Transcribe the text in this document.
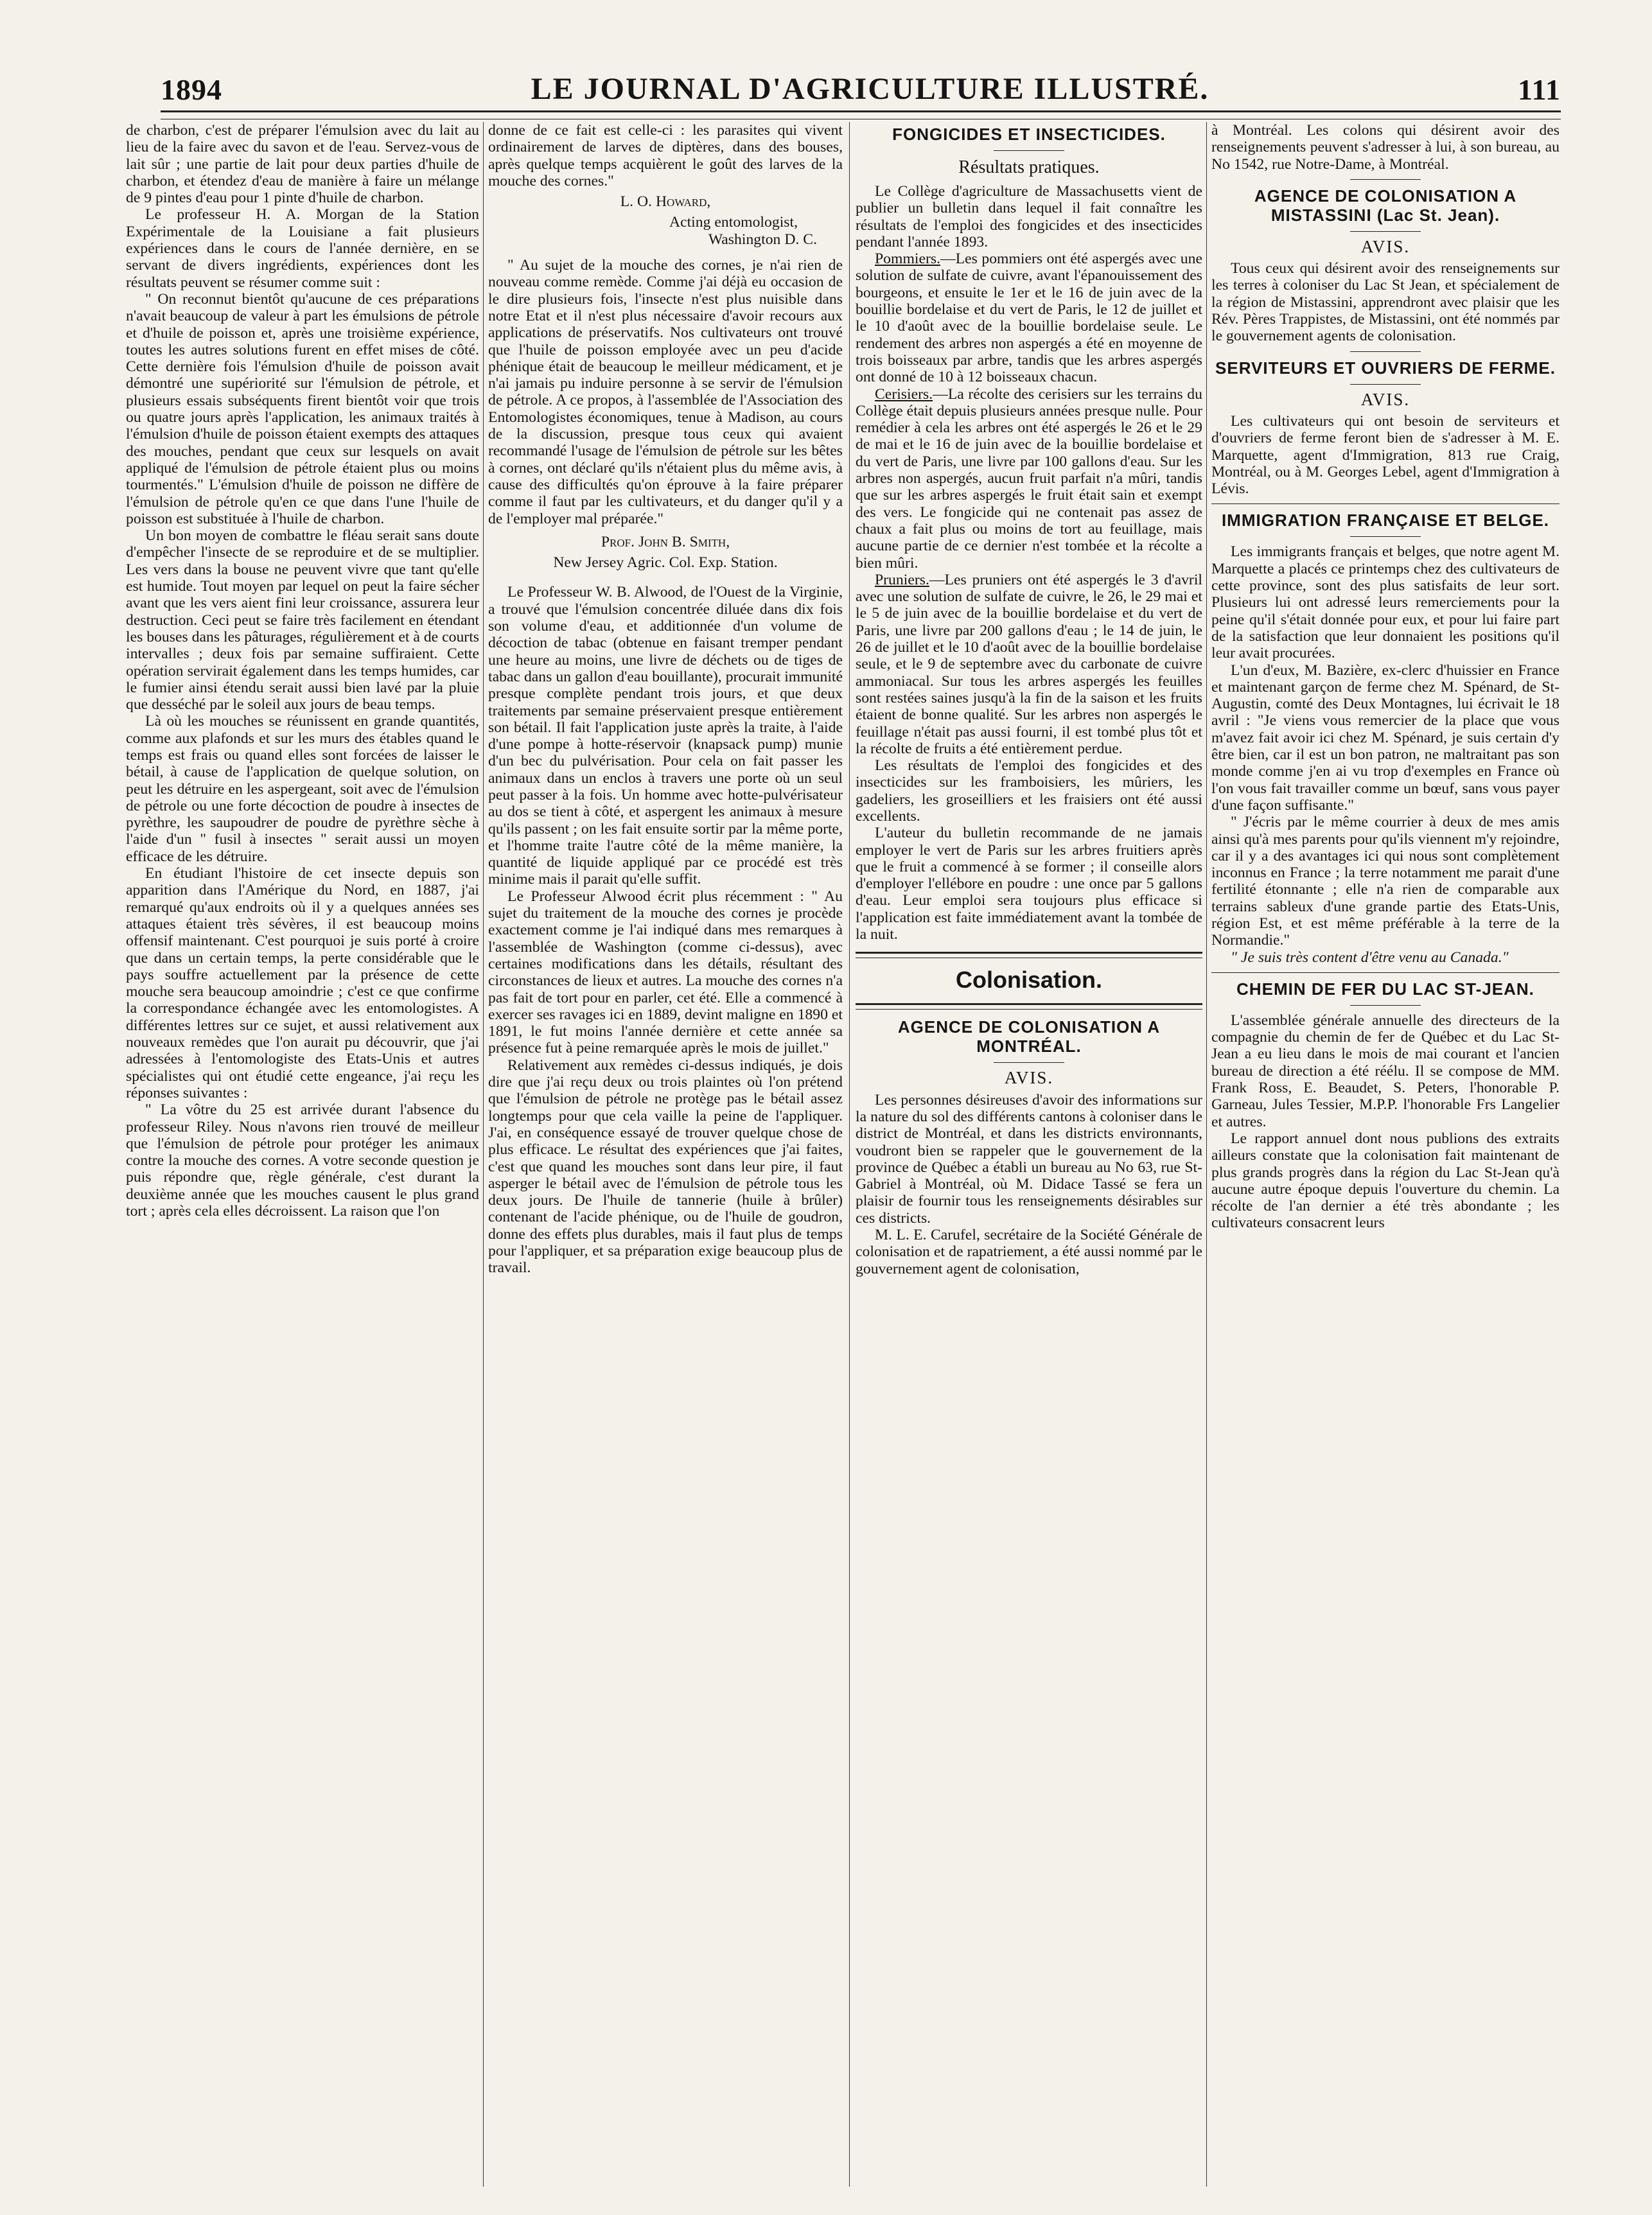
1894	LE JOURNAL D'AGRICULTURE ILLUSTRÉ.	111

de charbon, c'est de préparer l'émulsion avec du lait au lieu de la faire avec du savon et de l'eau. Servez-vous de lait sûr ; une partie de lait pour deux parties d'huile de charbon, et étendez d'eau de manière à faire un mélange de 9 pintes d'eau pour 1 pinte d'huile de charbon.

Le professeur H. A. Morgan de la Station Expérimentale de la Louisiane a fait plusieurs expériences dans le cours de l'année dernière, en se servant de divers ingrédients, expériences dont les résultats peuvent se résumer comme suit :

" On reconnut bientôt qu'aucune de ces préparations n'avait beaucoup de valeur à part les émulsions de pétrole et d'huile de poisson et, après une troisième expérience, toutes les autres solutions furent en effet mises de côté. Cette dernière fois l'émulsion d'huile de poisson avait démontré une supériorité sur l'émulsion de pétrole, et plusieurs essais subséquents firent bientôt voir que trois ou quatre jours après l'application, les animaux traités à l'émulsion d'huile de poisson étaient exempts des attaques des mouches, pendant que ceux sur lesquels on avait appliqué de l'émulsion de pétrole étaient plus ou moins tourmentés." L'émulsion d'huile de poisson ne diffère de l'émulsion de pétrole qu'en ce que dans l'une l'huile de poisson est substituée à l'huile de charbon.

Un bon moyen de combattre le fléau serait sans doute d'empêcher l'insecte de se reproduire et de se multiplier. Les vers dans la bouse ne peuvent vivre que tant qu'elle est humide. Tout moyen par lequel on peut la faire sécher avant que les vers aient fini leur croissance, assurera leur destruction. Ceci peut se faire très facilement en étendant les bouses dans les pâturages, régulièrement et à de courts intervalles ; deux fois par semaine suffiraient. Cette opération servirait également dans les temps humides, car le fumier ainsi étendu serait aussi bien lavé par la pluie que desséché par le soleil aux jours de beau temps.

Là où les mouches se réunissent en grande quantités, comme aux plafonds et sur les murs des étables quand le temps est frais ou quand elles sont forcées de laisser le bétail, à cause de l'application de quelque solution, on peut les détruire en les aspergeant, soit avec de l'émulsion de pétrole ou une forte décoction de poudre à insectes de pyrèthre, les saupoudrer de poudre de pyrèthre sèche à l'aide d'un " fusil à insectes " serait aussi un moyen efficace de les détruire.

En étudiant l'histoire de cet insecte depuis son apparition dans l'Amérique du Nord, en 1887, j'ai remarqué qu'aux endroits où il y a quelques années ses attaques étaient très sévères, il est beaucoup moins offensif maintenant. C'est pourquoi je suis porté à croire que dans un certain temps, la perte considérable que le pays souffre actuellement par la présence de cette mouche sera beaucoup amoindrie ; c'est ce que confirme la correspondance échangée avec les entomologistes. A différentes lettres sur ce sujet, et aussi relativement aux nouveaux remèdes que l'on aurait pu découvrir, que j'ai adressées à l'entomologiste des Etats-Unis et autres spécialistes qui ont étudié cette engeance, j'ai reçu les réponses suivantes :

" La vôtre du 25 est arrivée durant l'absence du professeur Riley. Nous n'avons rien trouvé de meilleur que l'émulsion de pétrole pour protéger les animaux contre la mouche des cornes. A votre seconde question je puis répondre que, règle générale, c'est durant la deuxième année que les mouches causent le plus grand tort ; après cela elles décroissent. La raison que l'on

donne de ce fait est celle-ci : les parasites qui vivent ordinairement de larves de diptères, dans des bouses, après quelque temps acquièrent le goût des larves de la mouche des cornes."

L. O. Howard,

Acting entomologist,

Washington D. C.

" Au sujet de la mouche des cornes, je n'ai rien de nouveau comme remède. Comme j'ai déjà eu occasion de le dire plusieurs fois, l'insecte n'est plus nuisible dans notre Etat et il n'est plus nécessaire d'avoir recours aux applications de préservatifs. Nos cultivateurs ont trouvé que l'huile de poisson employée avec un peu d'acide phénique était de beaucoup le meilleur médicament, et je n'ai jamais pu induire personne à se servir de l'émulsion de pétrole. A ce propos, à l'assemblée de l'Association des Entomologistes économiques, tenue à Madison, au cours de la discussion, presque tous ceux qui avaient recommandé l'usage de l'émulsion de pétrole sur les bêtes à cornes, ont déclaré qu'ils n'étaient plus du même avis, à cause des difficultés qu'on éprouve à la faire préparer comme il faut par les cultivateurs, et du danger qu'il y a de l'employer mal préparée."

Prof. John B. Smith,

New Jersey Agric. Col. Exp. Station.

Le Professeur W. B. Alwood, de l'Ouest de la Virginie, a trouvé que l'émulsion concentrée diluée dans dix fois son volume d'eau, et additionnée d'un volume de décoction de tabac (obtenue en faisant tremper pendant une heure au moins, une livre de déchets ou de tiges de tabac dans un gallon d'eau bouillante), procurait immunité presque complète pendant trois jours, et que deux traitements par semaine préservaient presque entièrement son bétail. Il fait l'application juste après la traite, à l'aide d'une pompe à hotte-réservoir (knapsack pump) munie d'un bec du pulvérisation. Pour cela on fait passer les animaux dans un enclos à travers une porte où un seul peut passer à la fois. Un homme avec hotte-pulvérisateur au dos se tient à côté, et aspergent les animaux à mesure qu'ils passent ; on les fait ensuite sortir par la même porte, et l'homme traite l'autre côté de la même manière, la quantité de liquide appliqué par ce procédé est très minime mais il parait qu'elle suffit.

Le Professeur Alwood écrit plus récemment : " Au sujet du traitement de la mouche des cornes je procède exactement comme je l'ai indiqué dans mes remarques à l'assemblée de Washington (comme ci-dessus), avec certaines modifications dans les détails, résultant des circonstances de lieux et autres. La mouche des cornes n'a pas fait de tort pour en parler, cet été. Elle a commencé à exercer ses ravages ici en 1889, devint maligne en 1890 et 1891, le fut moins l'année dernière et cette année sa présence fut à peine remarquée après le mois de juillet."

Relativement aux remèdes ci-dessus indiqués, je dois dire que j'ai reçu deux ou trois plaintes où l'on prétend que l'émulsion de pétrole ne protège pas le bétail assez longtemps pour que cela vaille la peine de l'appliquer. J'ai, en conséquence essayé de trouver quelque chose de plus efficace. Le résultat des expériences que j'ai faites, c'est que quand les mouches sont dans leur pire, il faut asperger le bétail avec de l'émulsion de pétrole tous les deux jours. De l'huile de tannerie (huile à brûler) contenant de l'acide phénique, ou de l'huile de goudron, donne des effets plus durables, mais il faut plus de temps pour l'appliquer, et sa préparation exige beaucoup plus de travail.

FONGICIDES ET INSECTICIDES.
Résultats pratiques.

Le Collège d'agriculture de Massachusetts vient de publier un bulletin dans lequel il fait connaître les résultats de l'emploi des fongicides et des insecticides pendant l'année 1893.

Pommiers.—Les pommiers ont été aspergés avec une solution de sulfate de cuivre, avant l'épanouissement des bourgeons, et ensuite le 1er et le 16 de juin avec de la bouillie bordelaise et du vert de Paris, le 12 de juillet et le 10 d'août avec de la bouillie bordelaise seule. Le rendement des arbres non aspergés a été en moyenne de trois boisseaux par arbre, tandis que les arbres aspergés ont donné de 10 à 12 boisseaux chacun.

Cerisiers.—La récolte des cerisiers sur les terrains du Collège était depuis plusieurs années presque nulle. Pour remédier à cela les arbres ont été aspergés le 26 et le 29 de mai et le 16 de juin avec de la bouillie bordelaise et du vert de Paris, une livre par 100 gallons d'eau. Sur les arbres non aspergés, aucun fruit parfait n'a mûri, tandis que sur les arbres aspergés le fruit était sain et exempt des vers. Le fongicide qui ne contenait pas assez de chaux a fait plus ou moins de tort au feuillage, mais aucune partie de ce dernier n'est tombée et la récolte a bien mûri.

Pruniers.—Les pruniers ont été aspergés le 3 d'avril avec une solution de sulfate de cuivre, le 26, le 29 mai et le 5 de juin avec de la bouillie bordelaise et du vert de Paris, une livre par 200 gallons d'eau ; le 14 de juin, le 26 de juillet et le 10 d'août avec de la bouillie bordelaise seule, et le 9 de septembre avec du carbonate de cuivre ammoniacal. Sur tous les arbres aspergés les feuilles sont restées saines jusqu'à la fin de la saison et les fruits étaient de bonne qualité. Sur les arbres non aspergés le feuillage n'était pas aussi fourni, il est tombé plus tôt et la récolte de fruits a été entièrement perdue.

Les résultats de l'emploi des fongicides et des insecticides sur les framboisiers, les mûriers, les gadeliers, les groseilliers et les fraisiers ont été aussi excellents.

L'auteur du bulletin recommande de ne jamais employer le vert de Paris sur les arbres fruitiers après que le fruit a commencé à se former ; il conseille alors d'employer l'ellébore en poudre : une once par 5 gallons d'eau. Leur emploi sera toujours plus efficace si l'application est faite immédiatement avant la tombée de la nuit.

Colonisation.
AGENCE DE COLONISATION A MONTRÉAL.
AVIS.

Les personnes désireuses d'avoir des informations sur la nature du sol des différents cantons à coloniser dans le district de Montréal, et dans les districts environnants, voudront bien se rappeler que le gouvernement de la province de Québec a établi un bureau au No 63, rue St-Gabriel à Montréal, où M. Didace Tassé se fera un plaisir de fournir tous les renseignements désirables sur ces districts.

M. L. E. Carufel, secrétaire de la Société Générale de colonisation et de rapatriement, a été aussi nommé par le gouvernement agent de colonisation,

à Montréal. Les colons qui désirent avoir des renseignements peuvent s'adresser à lui, à son bureau, au No 1542, rue Notre-Dame, à Montréal.

AGENCE DE COLONISATION A MISTASSINI (Lac St. Jean).
AVIS.

Tous ceux qui désirent avoir des renseignements sur les terres à coloniser du Lac St Jean, et spécialement de la région de Mistassini, apprendront avec plaisir que les Rév. Pères Trappistes, de Mistassini, ont été nommés par le gouvernement agents de colonisation.

SERVITEURS ET OUVRIERS DE FERME.
AVIS.

Les cultivateurs qui ont besoin de serviteurs et d'ouvriers de ferme feront bien de s'adresser à M. E. Marquette, agent d'Immigration, 813 rue Craig, Montréal, ou à M. Georges Lebel, agent d'Immigration à Lévis.

IMMIGRATION FRANÇAISE ET BELGE.

Les immigrants français et belges, que notre agent M. Marquette a placés ce printemps chez des cultivateurs de cette province, sont des plus satisfaits de leur sort. Plusieurs lui ont adressé leurs remerciements pour la peine qu'il s'était donnée pour eux, et pour lui faire part de la satisfaction que leur donnaient les positions qu'il leur avait procurées.

L'un d'eux, M. Bazière, ex-clerc d'huissier en France et maintenant garçon de ferme chez M. Spénard, de St-Augustin, comté des Deux Montagnes, lui écrivait le 18 avril : "Je viens vous remercier de la place que vous m'avez fait avoir ici chez M. Spénard, je suis certain d'y être bien, car il est un bon patron, ne maltraitant pas son monde comme j'en ai vu trop d'exemples en France où l'on vous fait travailler comme un bœuf, sans vous payer d'une façon suffisante."

" J'écris par le même courrier à deux de mes amis ainsi qu'à mes parents pour qu'ils viennent m'y rejoindre, car il y a des avantages ici qui nous sont complètement inconnus en France ; la terre notamment me parait d'une fertilité étonnante ; elle n'a rien de comparable aux terrains sableux d'une grande partie des Etats-Unis, région Est, et est même préférable à la terre de la Normandie."

" Je suis très content d'être venu au Canada."

CHEMIN DE FER DU LAC ST-JEAN.

L'assemblée générale annuelle des directeurs de la compagnie du chemin de fer de Québec et du Lac St-Jean a eu lieu dans le mois de mai courant et l'ancien bureau de direction a été réélu. Il se compose de MM. Frank Ross, E. Beaudet, S. Peters, l'honorable P. Garneau, Jules Tessier, M.P.P. l'honorable Frs Langelier et autres.

Le rapport annuel dont nous publions des extraits ailleurs constate que la colonisation fait maintenant de plus grands progrès dans la région du Lac St-Jean qu'à aucune autre époque depuis l'ouverture du chemin. La récolte de l'an dernier a été très abondante ; les cultivateurs consacrent leurs
